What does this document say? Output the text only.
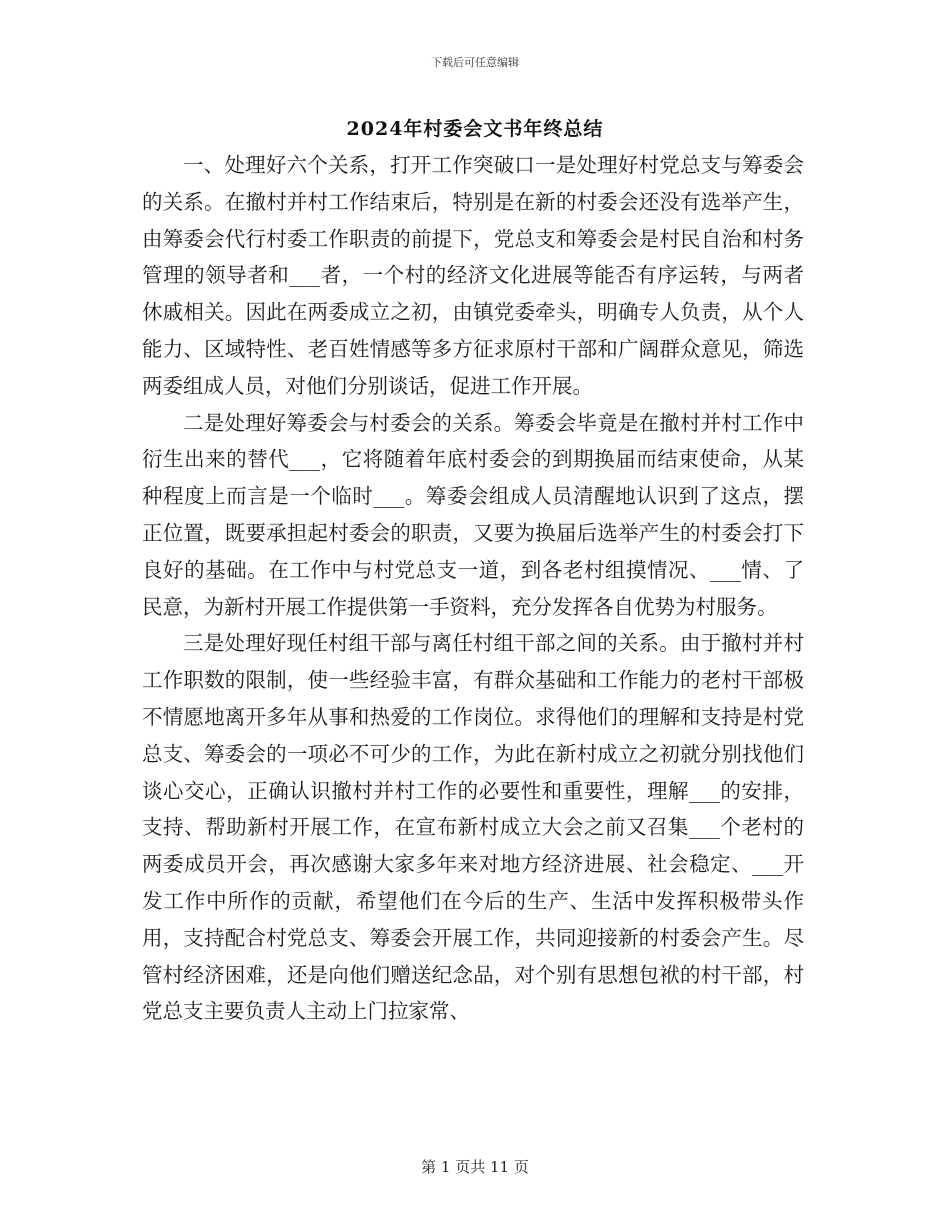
下载后可任意编辑
2024年村委会文书年终总结

一、处理好六个关系，打开工作突破口一是处理好村党总支与筹委会的关系。在撤村并村工作结束后，特别是在新的村委会还没有选举产生，由筹委会代行村委工作职责的前提下，党总支和筹委会是村民自治和村务管理的领导者和___者，一个村的经济文化进展等能否有序运转，与两者休戚相关。因此在两委成立之初，由镇党委牵头，明确专人负责，从个人能力、区域特性、老百姓情感等多方征求原村干部和广阔群众意见，筛选两委组成人员，对他们分别谈话，促进工作开展。

二是处理好筹委会与村委会的关系。筹委会毕竟是在撤村并村工作中衍生出来的替代___，它将随着年底村委会的到期换届而结束使命，从某种程度上而言是一个临时___。筹委会组成人员清醒地认识到了这点，摆正位置，既要承担起村委会的职责，又要为换届后选举产生的村委会打下良好的基础。在工作中与村党总支一道，到各老村组摸情况、___情、了民意，为新村开展工作提供第一手资料，充分发挥各自优势为村服务。

三是处理好现任村组干部与离任村组干部之间的关系。由于撤村并村工作职数的限制，使一些经验丰富，有群众基础和工作能力的老村干部极不情愿地离开多年从事和热爱的工作岗位。求得他们的理解和支持是村党总支、筹委会的一项必不可少的工作，为此在新村成立之初就分别找他们谈心交心，正确认识撤村并村工作的必要性和重要性，理解___的安排，支持、帮助新村开展工作，在宣布新村成立大会之前又召集___个老村的两委成员开会，再次感谢大家多年来对地方经济进展、社会稳定、___开发工作中所作的贡献，希望他们在今后的生产、生活中发挥积极带头作用，支持配合村党总支、筹委会开展工作，共同迎接新的村委会产生。尽管村经济困难，还是向他们赠送纪念品，对个别有思想包袱的村干部，村党总支主要负责人主动上门拉家常、

第 1 页共 11 页
